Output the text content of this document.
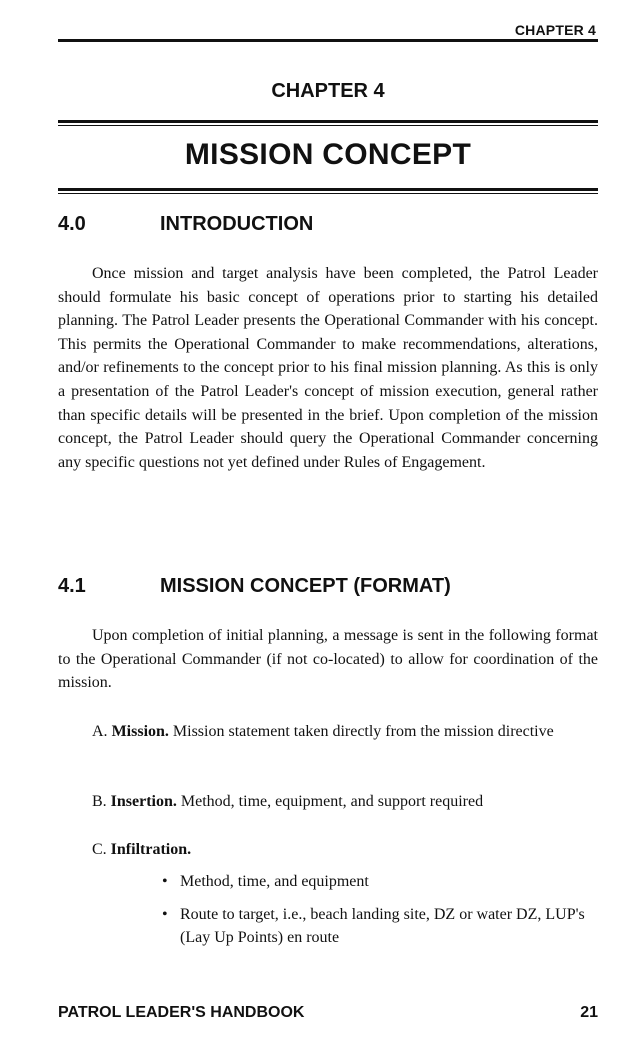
CHAPTER 4
CHAPTER 4
MISSION CONCEPT
4.0	INTRODUCTION

Once mission and target analysis have been completed, the Patrol Leader should formulate his basic concept of operations prior to starting his detailed planning. The Patrol Leader presents the Operational Commander with his concept. This permits the Operational Commander to make recommendations, alterations, and/or refinements to the concept prior to his final mission planning. As this is only a presentation of the Patrol Leader's concept of mission execution, general rather than specific details will be presented in the brief. Upon completion of the mission concept, the Patrol Leader should query the Operational Commander concerning any specific questions not yet defined under Rules of Engagement.

4.1	MISSION CONCEPT (FORMAT)

Upon completion of initial planning, a message is sent in the following format to the Operational Commander (if not co-located) to allow for coordination of the mission.

A. Mission. Mission statement taken directly from the mission directive

B. Insertion. Method, time, equipment, and support required

C. Infiltration.

• Method, time, and equipment
• Route to target, i.e., beach landing site, DZ or water DZ, LUP's (Lay Up Points) en route
PATROL LEADER'S HANDBOOK	21
